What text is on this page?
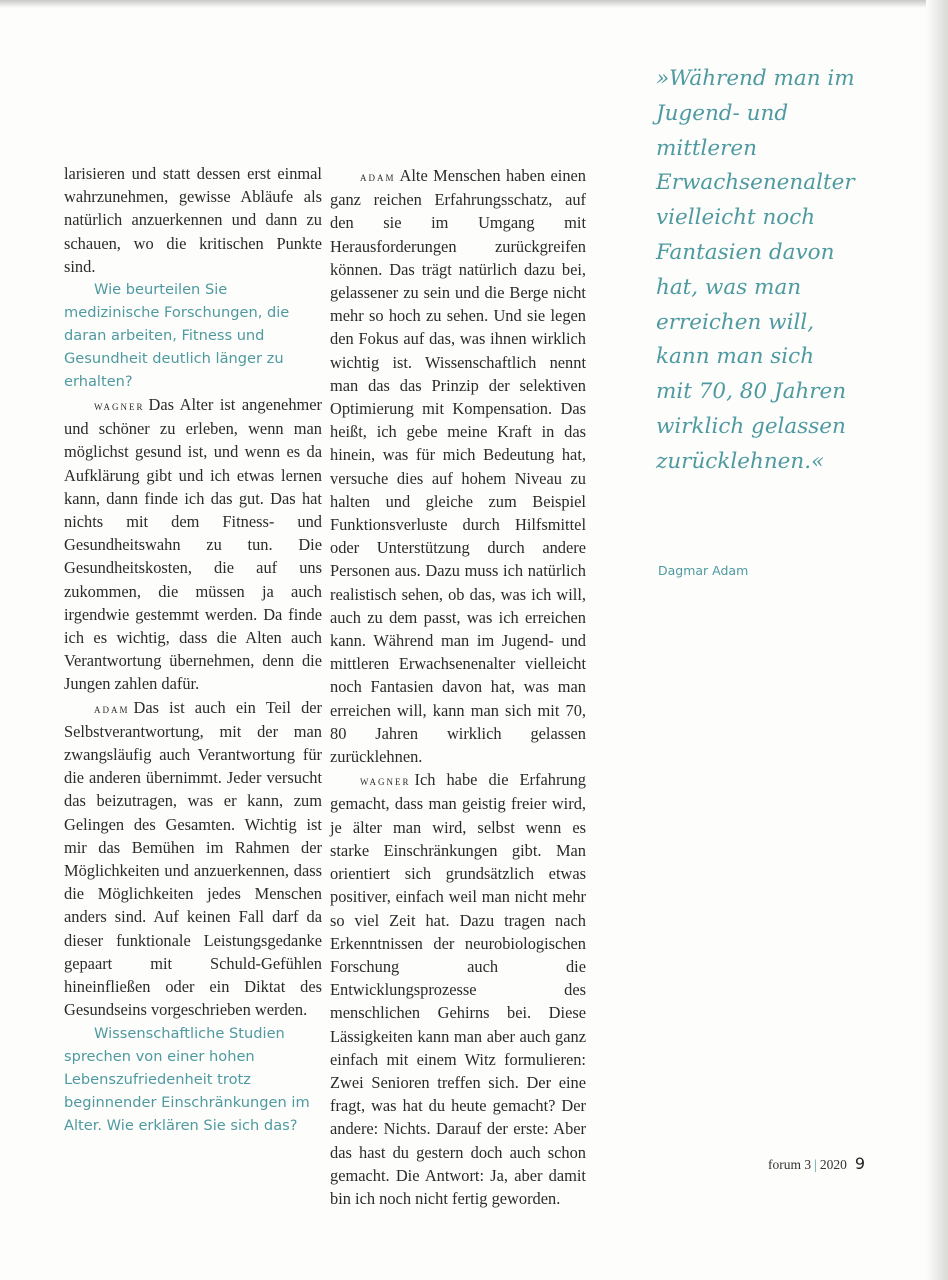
larisieren und statt dessen erst einmal wahrzunehmen, gewisse Abläufe als natürlich anzuerkennen und dann zu schauen, wo die kritischen Punkte sind.

Wie beurteilen Sie medizinische Forschungen, die daran arbeiten, Fitness und Gesundheit deutlich länger zu erhalten?

wagner Das Alter ist angenehmer und schöner zu erleben, wenn man möglichst gesund ist, und wenn es da Aufklärung gibt und ich etwas lernen kann, dann finde ich das gut. Das hat nichts mit dem Fitness- und Gesundheitswahn zu tun. Die Gesundheitskosten, die auf uns zukommen, die müssen ja auch irgendwie gestemmt werden. Da finde ich es wichtig, dass die Alten auch Verantwortung übernehmen, denn die Jungen zahlen dafür.

adam Das ist auch ein Teil der Selbstverantwortung, mit der man zwangsläufig auch Verantwortung für die anderen übernimmt. Jeder versucht das beizutragen, was er kann, zum Gelingen des Gesamten. Wichtig ist mir das Bemühen im Rahmen der Möglichkeiten und anzuerkennen, dass die Möglichkeiten jedes Menschen anders sind. Auf keinen Fall darf da dieser funktionale Leistungsgedanke gepaart mit Schuld-Gefühlen hineinfließen oder ein Diktat des Gesundseins vorgeschrieben werden.

Wissenschaftliche Studien sprechen von einer hohen Lebenszufriedenheit trotz beginnender Einschränkungen im Alter. Wie erklären Sie sich das?

adam Alte Menschen haben einen ganz reichen Erfahrungsschatz, auf den sie im Umgang mit Herausforderungen zurückgreifen können. Das trägt natürlich dazu bei, gelassener zu sein und die Berge nicht mehr so hoch zu sehen. Und sie legen den Fokus auf das, was ihnen wirklich wichtig ist. Wissenschaftlich nennt man das das Prinzip der selektiven Optimierung mit Kompensation. Das heißt, ich gebe meine Kraft in das hinein, was für mich Bedeutung hat, versuche dies auf hohem Niveau zu halten und gleiche zum Beispiel Funktionsverluste durch Hilfsmittel oder Unterstützung durch andere Personen aus. Dazu muss ich natürlich realistisch sehen, ob das, was ich will, auch zu dem passt, was ich erreichen kann. Während man im Jugend- und mittleren Erwachsenenalter vielleicht noch Fantasien davon hat, was man erreichen will, kann man sich mit 70, 80 Jahren wirklich gelassen zurücklehnen.

wagner Ich habe die Erfahrung gemacht, dass man geistig freier wird, je älter man wird, selbst wenn es starke Einschränkungen gibt. Man orientiert sich grundsätzlich etwas positiver, einfach weil man nicht mehr so viel Zeit hat. Dazu tragen nach Erkenntnissen der neurobiologischen Forschung auch die Entwicklungsprozesse des menschlichen Gehirns bei. Diese Lässigkeiten kann man aber auch ganz einfach mit einem Witz formulieren: Zwei Senioren treffen sich. Der eine fragt, was hat du heute gemacht? Der andere: Nichts. Darauf der erste: Aber das hast du gestern doch auch schon gemacht. Die Antwort: Ja, aber damit bin ich noch nicht fertig geworden.

»Während man im Jugend- und mittleren Erwachsenenalter vielleicht noch Fantasien davon hat, was man erreichen will, kann man sich mit 70, 80 Jahren wirklich gelassen zurücklehnen.«

Dagmar Adam
forum 3 | 2020 9
